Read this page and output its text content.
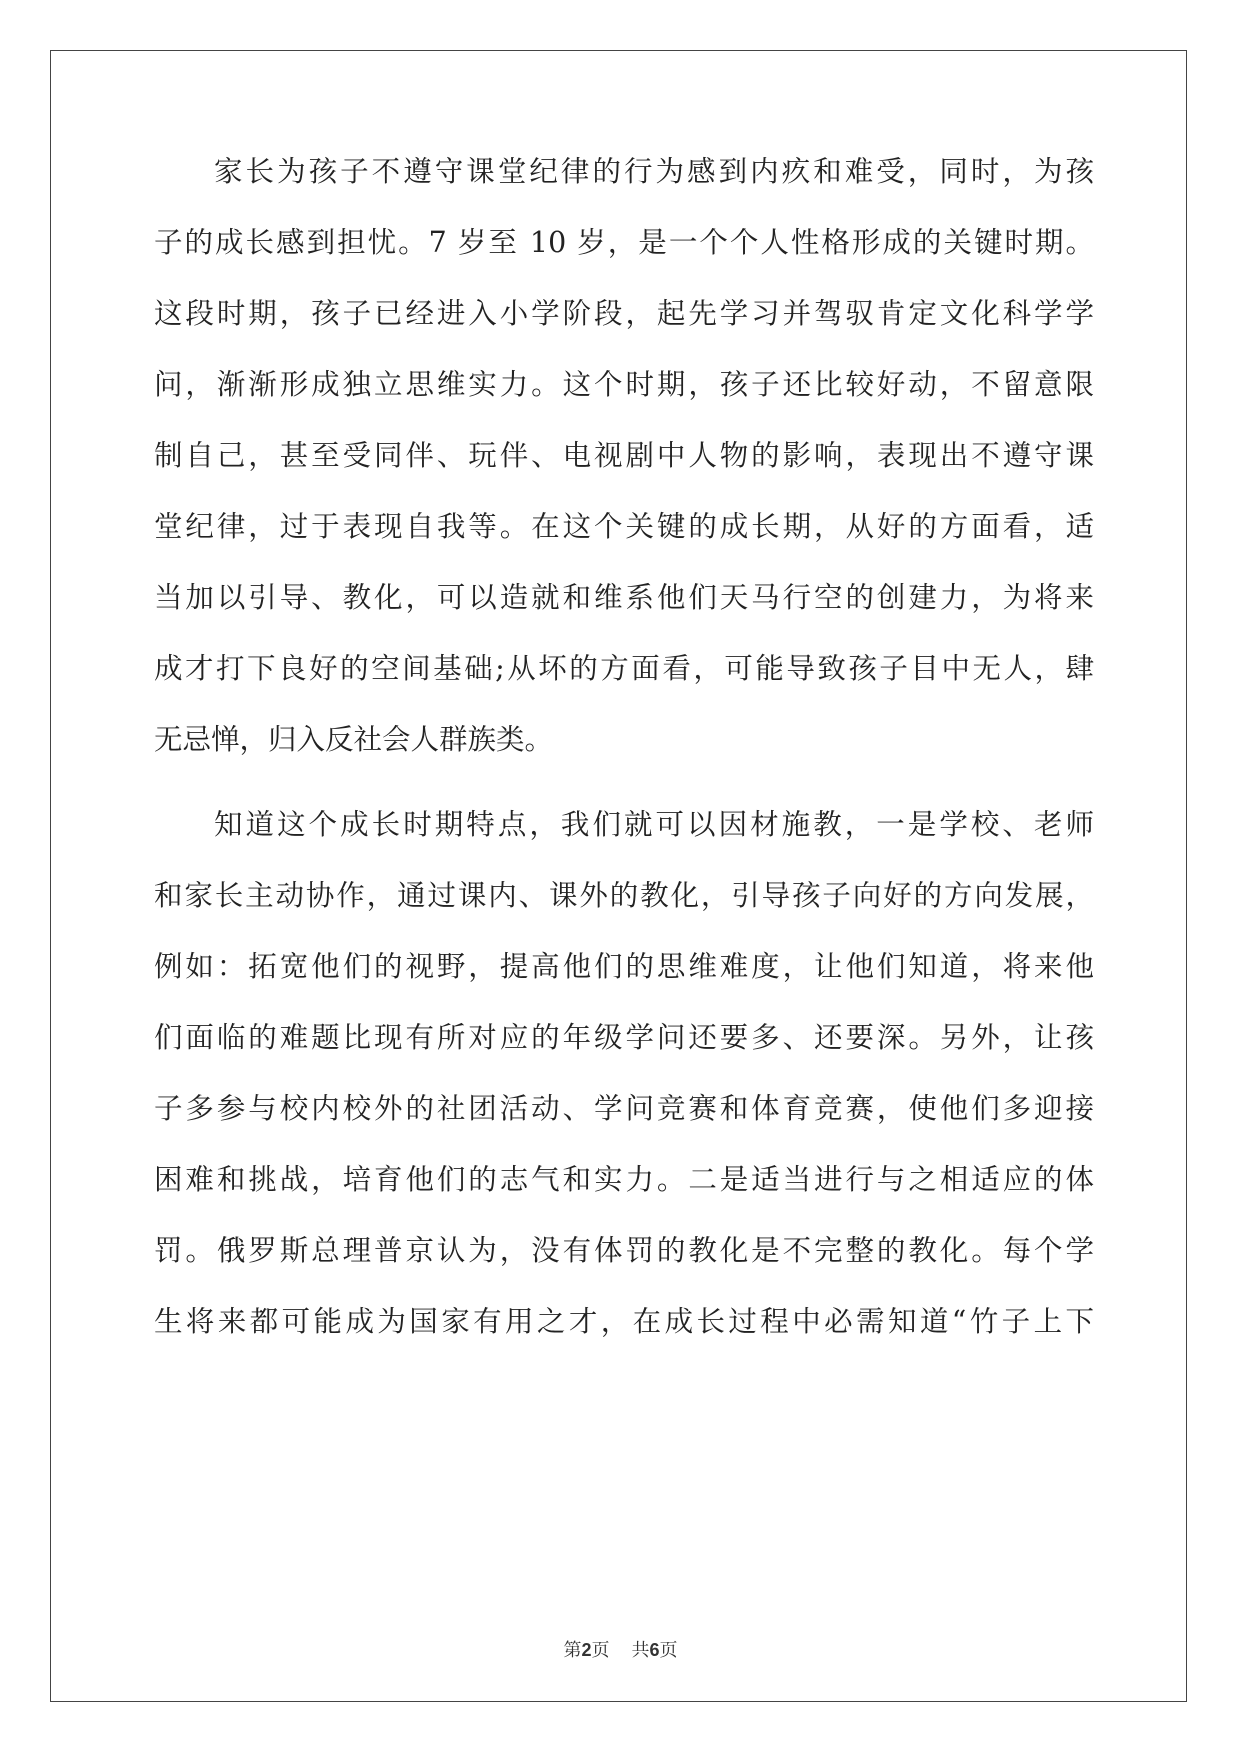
家长为孩子不遵守课堂纪律的行为感到内疚和难受，同时，为孩
子的成长感到担忧。7 岁至 10 岁，是一个个人性格形成的关键时期。
这段时期，孩子已经进入小学阶段，起先学习并驾驭肯定文化科学学
问，渐渐形成独立思维实力。这个时期，孩子还比较好动，不留意限
制自己，甚至受同伴、玩伴、电视剧中人物的影响，表现出不遵守课
堂纪律，过于表现自我等。在这个关键的成长期，从好的方面看，适
当加以引导、教化，可以造就和维系他们天马行空的创建力，为将来
成才打下良好的空间基础;从坏的方面看，可能导致孩子目中无人，肆
无忌惮，归入反社会人群族类。
知道这个成长时期特点，我们就可以因材施教，一是学校、老师
和家长主动协作，通过课内、课外的教化，引导孩子向好的方向发展，
例如：拓宽他们的视野，提高他们的思维难度，让他们知道，将来他
们面临的难题比现有所对应的年级学问还要多、还要深。另外，让孩
子多参与校内校外的社团活动、学问竞赛和体育竞赛，使他们多迎接
困难和挑战，培育他们的志气和实力。二是适当进行与之相适应的体
罚。俄罗斯总理普京认为，没有体罚的教化是不完整的教化。每个学
生将来都可能成为国家有用之才，在成长过程中必需知道“竹子上下
第2页 共6页
